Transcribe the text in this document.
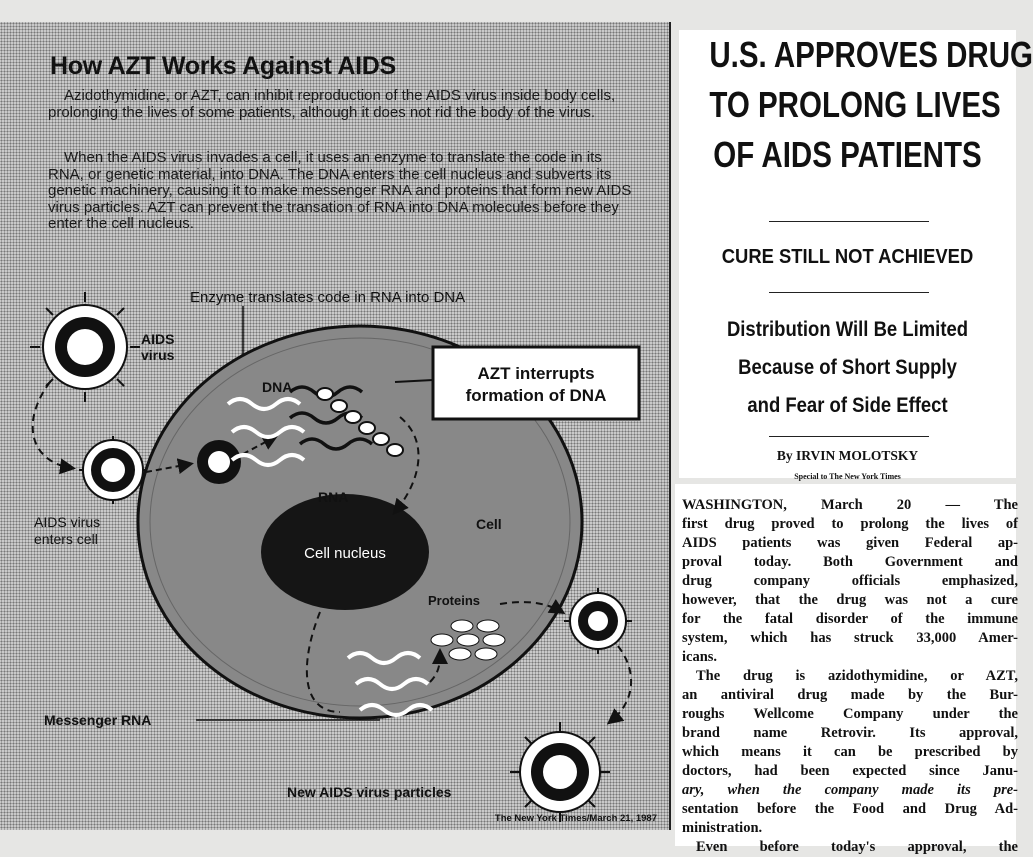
How AZT Works Against AIDS

Azidothymidine, or AZT, can inhibit reproduction of the AIDS virus inside body cells, prolonging the lives of some patients, although it does not rid the body of the virus.

When the AIDS virus invades a cell, it uses an enzyme to translate the code in its RNA, or genetic material, into DNA. The DNA enters the cell nucleus and subverts its genetic machinery, causing it to make messenger RNA and proteins that form new AIDS virus particles. AZT can prevent the transation of RNA into DNA molecules before they enter the cell nucleus.

Enzyme translates code in RNA into DNA
Cell nucleus
AIDS
virus
AIDS virus
enters cell
RNA
DNA
AZT interrupts
formation of DNA
Cell
Proteins
Messenger RNA
New AIDS virus particles
The New York Times/March 21, 1987
U.S. APPROVES DRUG
TO PROLONG LIVES
OF AIDS PATIENTS
CURE STILL NOT ACHIEVED
Distribution Will Be Limited
Because of Short Supply
and Fear of Side Effect
By IRVIN MOLOTSKY
Special to The New York Times
WASHINGTON, March 20 — The
first drug proved to prolong the lives of
AIDS patients was given Federal ap-
proval today. Both Government and
drug company officials emphasized,
however, that the drug was not a cure
for the fatal disorder of the immune
system, which has struck 33,000 Amer-
icans.
The drug is azidothymidine, or AZT,
an antiviral drug made by the Bur-
roughs Wellcome Company under the
brand name Retrovir. Its approval,
which means it can be prescribed by
doctors, had been expected since Janu-
ary, when the company made its pre-
sentation before the Food and Drug Ad-
ministration.
Even before today's approval, the
